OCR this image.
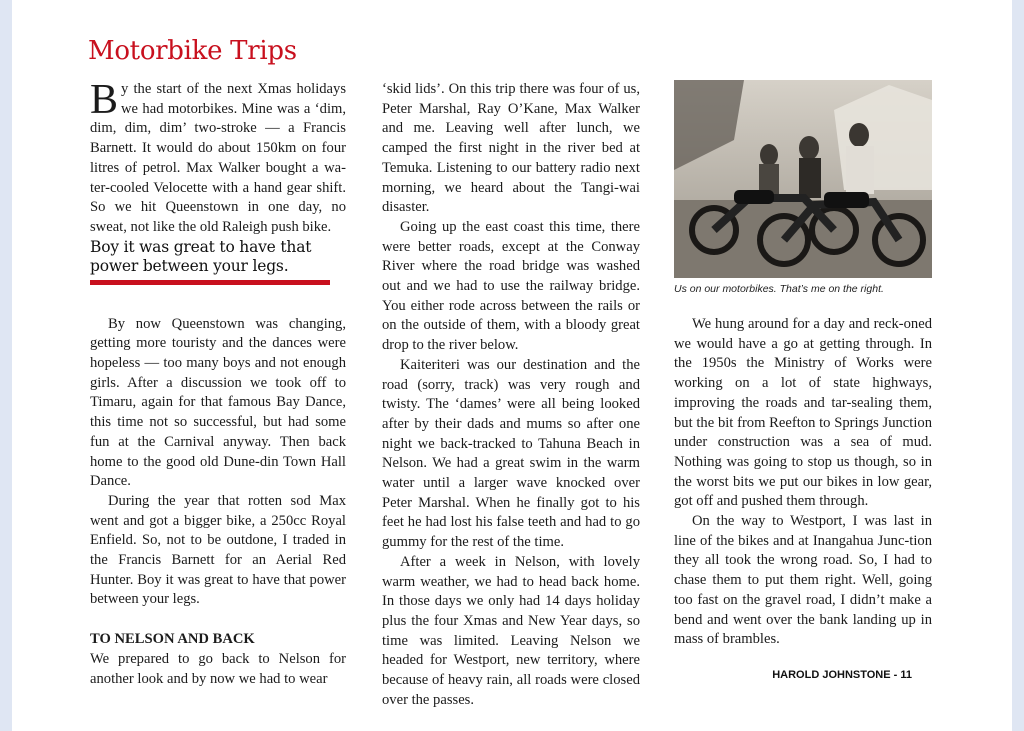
Motorbike Trips

B y the start of the next Xmas holidays we had motorbikes. Mine was a ‘dim, dim, dim, dim’ two-stroke — a Francis Barnett. It would do about 150km on four litres of petrol. Max Walker bought a wa-ter-cooled Velocette with a hand gear shift. So we hit Queenstown in one day, no sweat, not like the old Raleigh push bike.

Boy it was great to have that power between your legs.

By now Queenstown was changing, getting more touristy and the dances were hopeless — too many boys and not enough girls. After a discussion we took off to Timaru, again for that famous Bay Dance, this time not so successful, but had some fun at the Carnival anyway. Then back home to the good old Dune-din Town Hall Dance.

During the year that rotten sod Max went and got a bigger bike, a 250cc Royal Enfield. So, not to be outdone, I traded in the Francis Barnett for an Aerial Red Hunter. Boy it was great to have that power between your legs.

TO NELSON AND BACK

We prepared to go back to Nelson for another look and by now we had to wear

‘skid lids’. On this trip there was four of us, Peter Marshal, Ray O’Kane, Max Walker and me. Leaving well after lunch, we camped the first night in the river bed at Temuka. Listening to our battery radio next morning, we heard about the Tangi-wai disaster.

Going up the east coast this time, there were better roads, except at the Conway River where the road bridge was washed out and we had to use the railway bridge. You either rode across between the rails or on the outside of them, with a bloody great drop to the river below.

Kaiteriteri was our destination and the road (sorry, track) was very rough and twisty. The ‘dames’ were all being looked after by their dads and mums so after one night we back-tracked to Tahuna Beach in Nelson. We had a great swim in the warm water until a larger wave knocked over Peter Marshal. When he finally got to his feet he had lost his false teeth and had to go gummy for the rest of the time.

After a week in Nelson, with lovely warm weather, we had to head back home. In those days we only had 14 days holiday plus the four Xmas and New Year days, so time was limited. Leaving Nelson we headed for Westport, new territory, where because of heavy rain, all roads were closed over the passes.

Us on our motorbikes. That’s me on the right.

We hung around for a day and reck-oned we would have a go at getting through. In the 1950s the Ministry of Works were working on a lot of state highways, improving the roads and tar-sealing them, but the bit from Reefton to Springs Junction under construction was a sea of mud. Nothing was going to stop us though, so in the worst bits we put our bikes in low gear, got off and pushed them through.

On the way to Westport, I was last in line of the bikes and at Inangahua Junc-tion they all took the wrong road. So, I had to chase them to put them right. Well, going too fast on the gravel road, I didn’t make a bend and went over the bank landing up in mass of brambles.

HAROLD JOHNSTONE - 11
